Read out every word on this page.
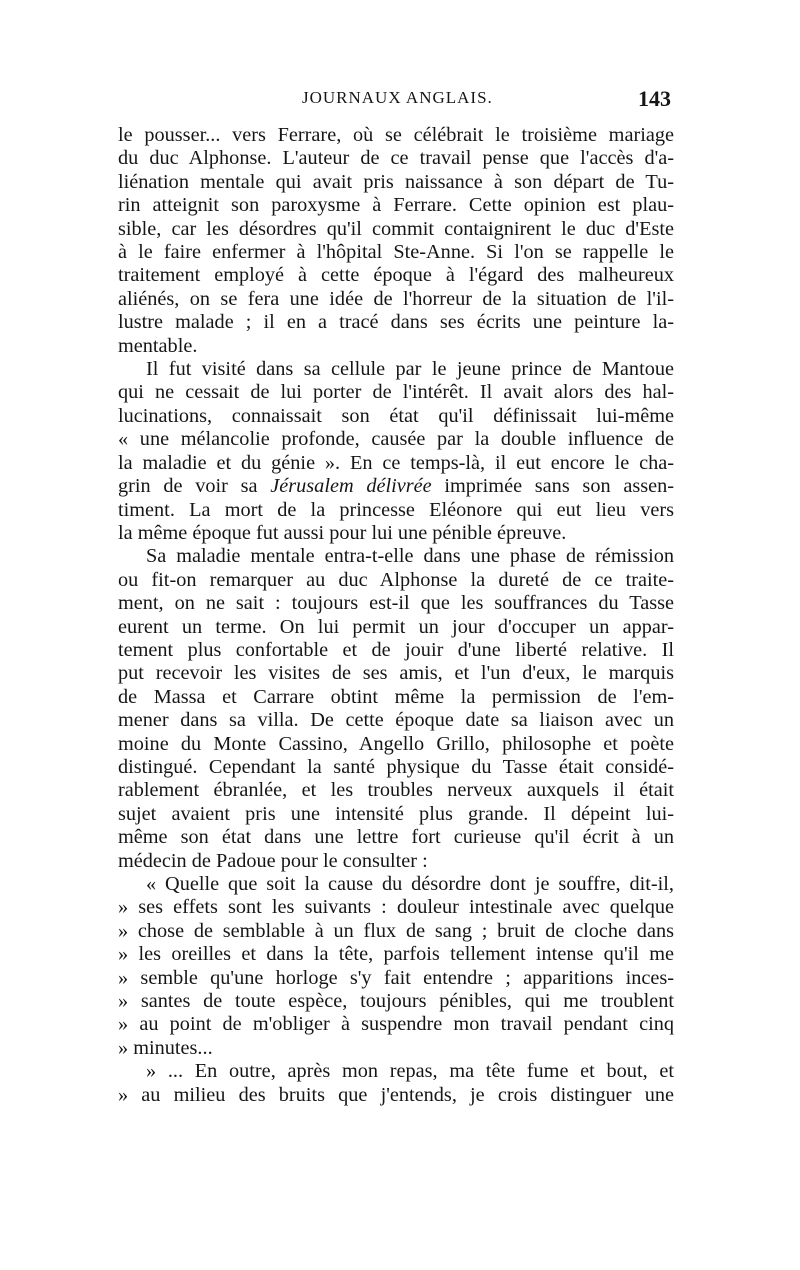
JOURNAUX ANGLAIS.	143
le pousser... vers Ferrare, où se célébrait le troisième mariage
du duc Alphonse. L'auteur de ce travail pense que l'accès d'a-
liénation mentale qui avait pris naissance à son départ de Tu-
rin atteignit son paroxysme à Ferrare. Cette opinion est plau-
sible, car les désordres qu'il commit contaignirent le duc d'Este
à le faire enfermer à l'hôpital Ste-Anne. Si l'on se rappelle le
traitement employé à cette époque à l'égard des malheureux
aliénés, on se fera une idée de l'horreur de la situation de l'il-
lustre malade ; il en a tracé dans ses écrits une peinture la-
mentable.
Il fut visité dans sa cellule par le jeune prince de Mantoue
qui ne cessait de lui porter de l'intérêt. Il avait alors des hal-
lucinations, connaissait son état qu'il définissait lui-même
« une mélancolie profonde, causée par la double influence de
la maladie et du génie ». En ce temps-là, il eut encore le cha-
grin de voir sa Jérusalem délivrée imprimée sans son assen-
timent. La mort de la princesse Eléonore qui eut lieu vers
la même époque fut aussi pour lui une pénible épreuve.
Sa maladie mentale entra-t-elle dans une phase de rémission
ou fit-on remarquer au duc Alphonse la dureté de ce traite-
ment, on ne sait : toujours est-il que les souffrances du Tasse
eurent un terme. On lui permit un jour d'occuper un appar-
tement plus confortable et de jouir d'une liberté relative. Il
put recevoir les visites de ses amis, et l'un d'eux, le marquis
de Massa et Carrare obtint même la permission de l'em-
mener dans sa villa. De cette époque date sa liaison avec un
moine du Monte Cassino, Angello Grillo, philosophe et poète
distingué. Cependant la santé physique du Tasse était considé-
rablement ébranlée, et les troubles nerveux auxquels il était
sujet avaient pris une intensité plus grande. Il dépeint lui-
même son état dans une lettre fort curieuse qu'il écrit à un
médecin de Padoue pour le consulter :
« Quelle que soit la cause du désordre dont je souffre, dit-il,
» ses effets sont les suivants : douleur intestinale avec quelque
» chose de semblable à un flux de sang ; bruit de cloche dans
» les oreilles et dans la tête, parfois tellement intense qu'il me
» semble qu'une horloge s'y fait entendre ; apparitions inces-
» santes de toute espèce, toujours pénibles, qui me troublent
» au point de m'obliger à suspendre mon travail pendant cinq
» minutes...
» ... En outre, après mon repas, ma tête fume et bout, et
» au milieu des bruits que j'entends, je crois distinguer une
